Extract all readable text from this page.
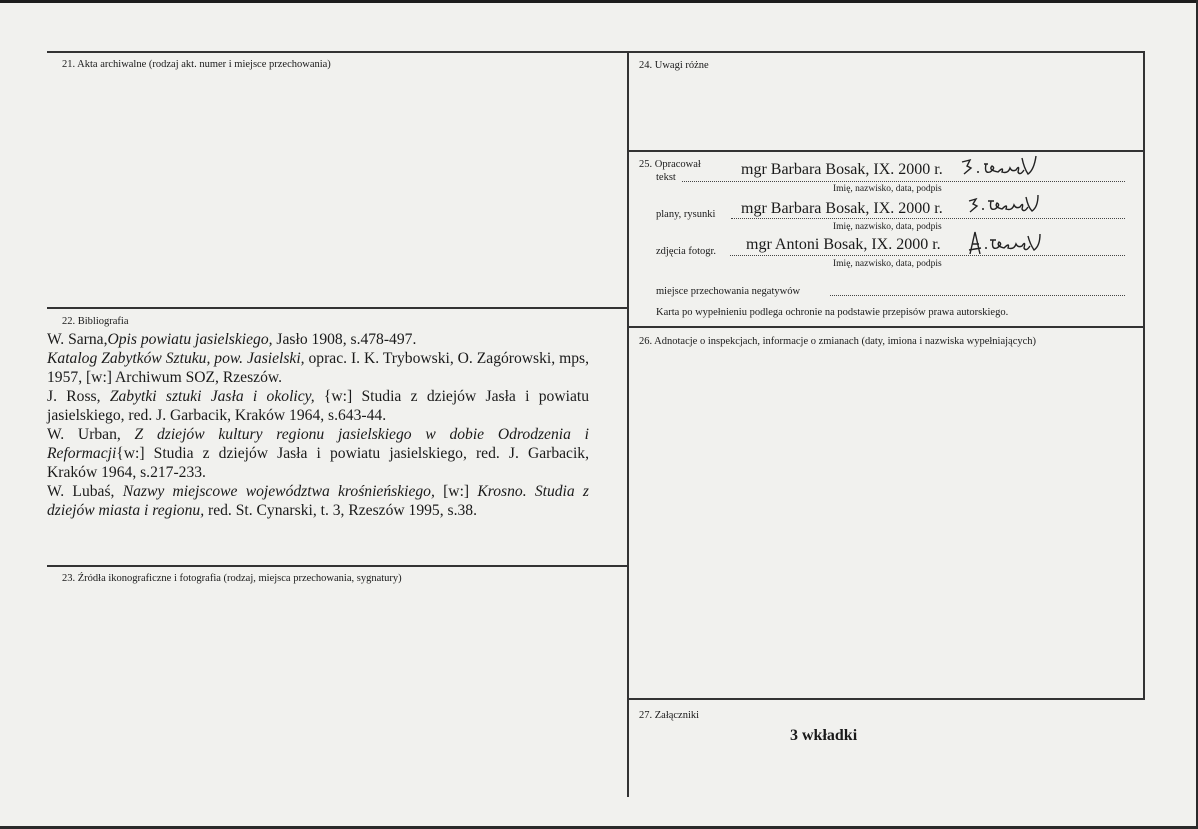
21. Akta archiwalne (rodzaj akt. numer i miejsce przechowania)
22. Bibliografia

W. Sarna,Opis powiatu jasielskiego, Jasło 1908, s.478-497.

Katalog Zabytków Sztuku, pow. Jasielski, oprac. I. K. Trybowski, O. Zagórowski, mps, 1957, [w:] Archiwum SOZ, Rzeszów.

J. Ross, Zabytki sztuki Jasła i okolicy, {w:] Studia z dziejów Jasła i powiatu jasielskiego, red. J. Garbacik, Kraków 1964, s.643-44.

W. Urban, Z dziejów kultury regionu jasielskiego w dobie Odrodzenia i Reformacji{w:] Studia z dziejów Jasła i powiatu jasielskiego, red. J. Garbacik, Kraków 1964, s.217-233.

W. Lubaś, Nazwy miejscowe województwa krośnieńskiego, [w:] Krosno. Studia z dziejów miasta i regionu, red. St. Cynarski, t. 3, Rzeszów 1995, s.38.

23. Źródła ikonograficzne i fotografia (rodzaj, miejsca przechowania, sygnatury)
24. Uwagi różne
25. Opracował
tekst	mgr Barbara Bosak, IX. 2000 r.
Imię, nazwisko, data, podpis
plany, rysunki mgr Barbara Bosak, IX. 2000 r.
Imię, nazwisko, data, podpis
zdjęcia fotogr. mgr Antoni Bosak, IX. 2000 r.
Imię, nazwisko, data, podpis
miejsce przechowania negatywów
Karta po wypełnieniu podlega ochronie na podstawie przepisów prawa autorskiego.
26. Adnotacje o inspekcjach, informacje o zmianach (daty, imiona i nazwiska wypełniających)
27. Załączniki
3 wkładki
